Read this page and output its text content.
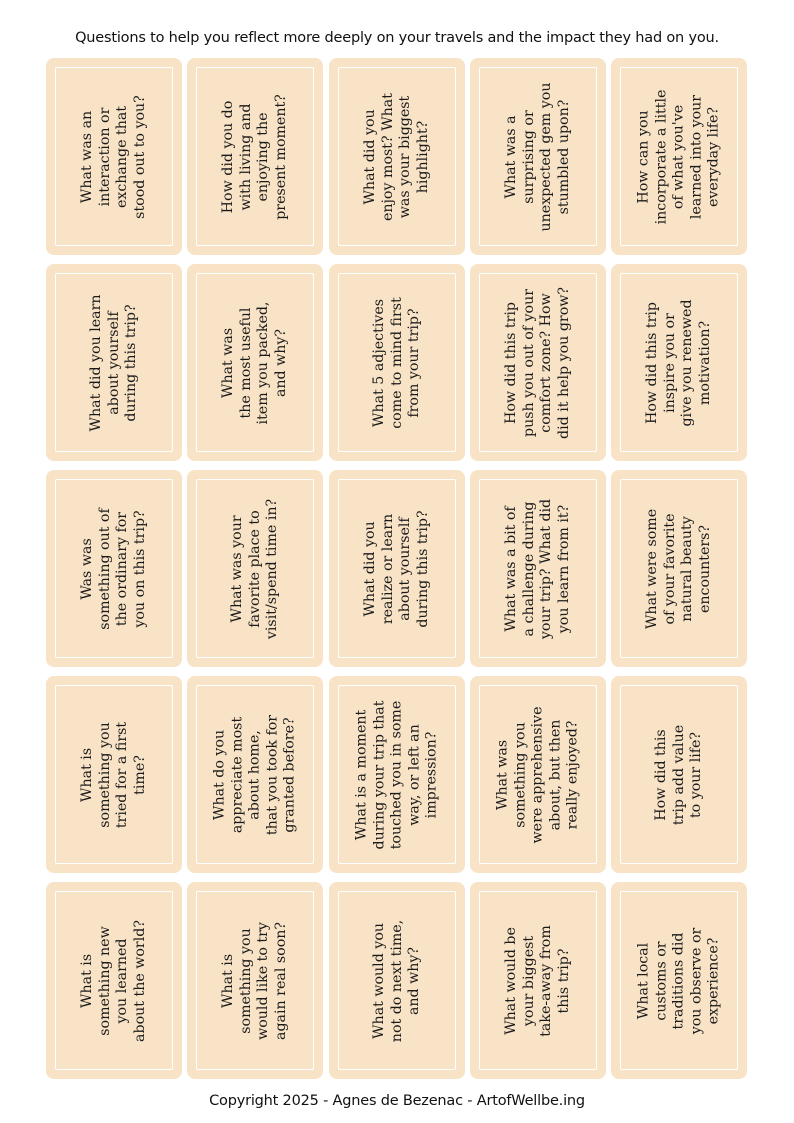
Questions to help you reflect more deeply on your travels and the impact they had on you.
What was an
interaction or
exchange that
stood out to you?
How did you do
with living and
enjoying the
present moment?
What did you
enjoy most? What
was your biggest
highlight?	What was a
surprising or
unexpected gem you
stumbled upon?
How can you
incorporate a little
of what you've
learned into your
everyday life?
What did you learn
about yourself
during this trip?
What was
the most useful
item you packed,
and why?
What 5 adjectives
come to mind first
from your trip?
How did this trip
push you out of your
comfort zone? How
did it help you grow?
How did this trip
inspire you or
give you renewed
motivation?
Was was
something out of
the ordinary for
you on this trip?
What was your
favorite place to
visit/spend time in?
What did you
realize or learn
about yourself
during this trip?
What was a bit of
a challenge during
your trip? What did
you learn from it?
What were some
of your favorite
natural beauty
encounters?
What is
something you
tried for a first
time?
What do you
appreciate most
about home,
that you took for
granted before?
What is a moment
during your trip that
touched you in some
way, or left an
impression?	What was
something you
were apprehensive
about, but then
really enjoyed?
How did this
trip add value
to your life?
What is
something new
you learned
about the world?
What is
something you
would like to try
again real soon?
What would you
not do next time,
and why?
What would be
your biggest
take-away from
this trip?
What local
customs or
traditions did
you observe or
experience?
Copyright 2025 - Agnes de Bezenac - ArtofWellbe.ing
